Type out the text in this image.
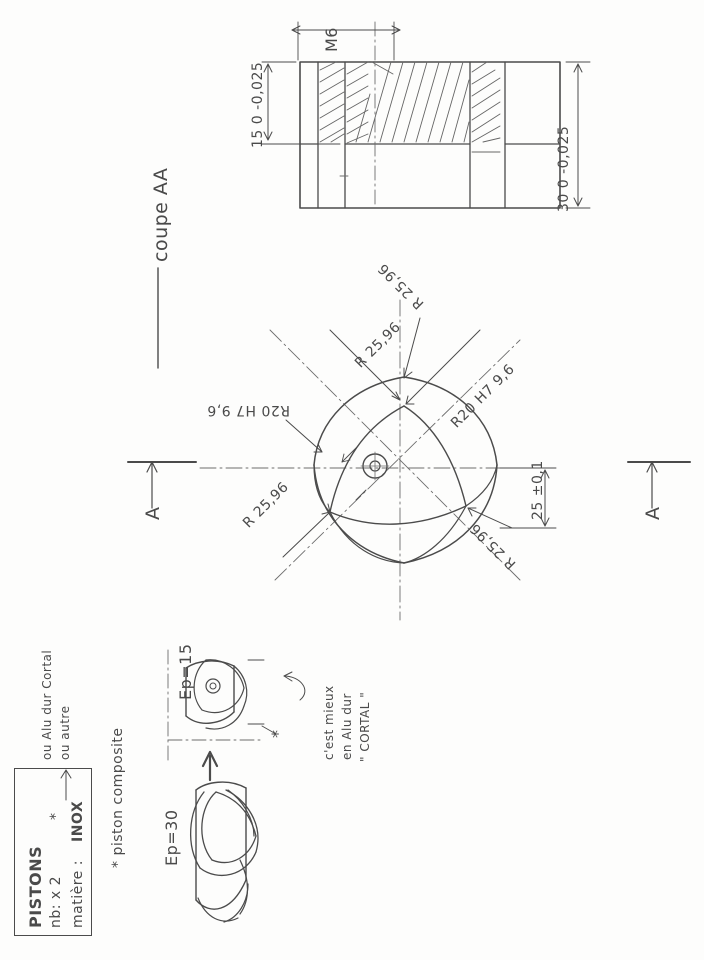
coupe AA
M6
15 0 -0,025
30 0 -0,025
R 25,96
R20 H7 9,6
R20 H7 9,6
R 25,96
R 25,96
R 25,96
25 ±0,1
A	A
Ep=15
Ep=30
*	c'est mieux en Alu dur " CORTAL "
ou Alu dur Cortal ou autre	* piston composite
PISTONS nb: x 2
*
matière :
INOX
